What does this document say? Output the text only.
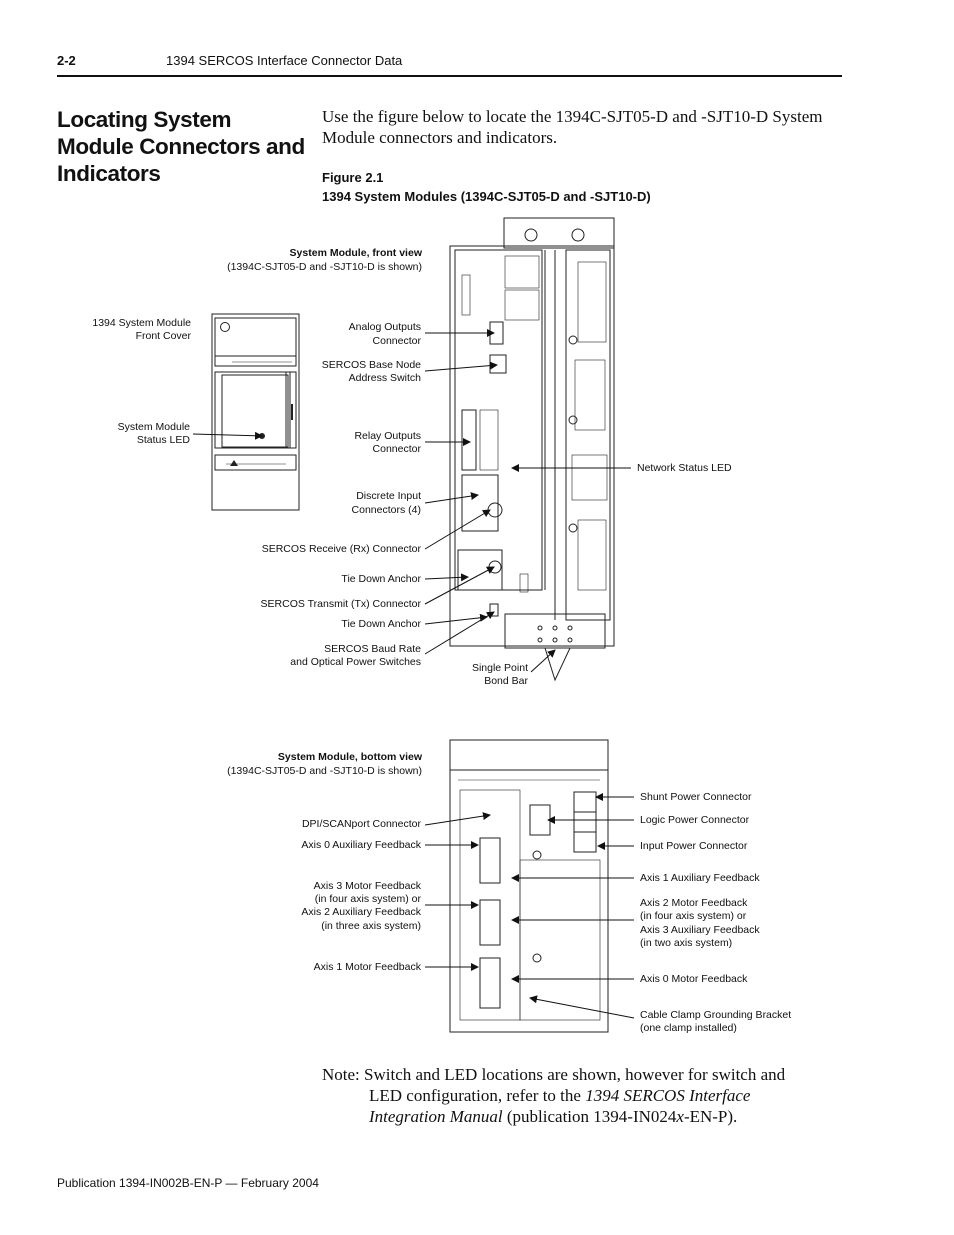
2-2	1394 SERCOS Interface Connector Data
Locating System Module Connectors and Indicators
Use the figure below to locate the 1394C-SJT05-D and -SJT10-D System Module connectors and indicators.
Figure 2.1
1394 System Modules (1394C-SJT05-D and -SJT10-D)
System Module, front view
(1394C-SJT05-D and -SJT10-D is shown)
1394 System Module
Front Cover
System Module
Status LED
Analog Outputs
Connector
SERCOS Base Node
Address Switch
Relay Outputs
Connector
Discrete Input
Connectors (4)
SERCOS Receive (Rx) Connector
Tie Down Anchor
SERCOS Transmit (Tx) Connector
Tie Down Anchor
SERCOS Baud Rate
and Optical Power Switches
Network Status LED
Single Point
Bond Bar
System Module, bottom view
(1394C-SJT05-D and -SJT10-D is shown)
DPI/SCANport Connector
Axis 0 Auxiliary Feedback
Axis 3 Motor Feedback
(in four axis system) or
Axis 2 Auxiliary Feedback
(in three axis system)
Axis 1 Motor Feedback
Shunt Power Connector
Logic Power Connector
Input Power Connector
Axis 1 Auxiliary Feedback
Axis 2 Motor Feedback
(in four axis system) or
Axis 3 Auxiliary Feedback
(in two axis system)
Axis 0 Motor Feedback
Cable Clamp Grounding Bracket
(one clamp installed)
Note: Switch and LED locations are shown, however for switch and
LED configuration, refer to the 1394 SERCOS Interface
Integration Manual (publication 1394-IN024x-EN-P).
Publication 1394-IN002B-EN-P — February 2004
